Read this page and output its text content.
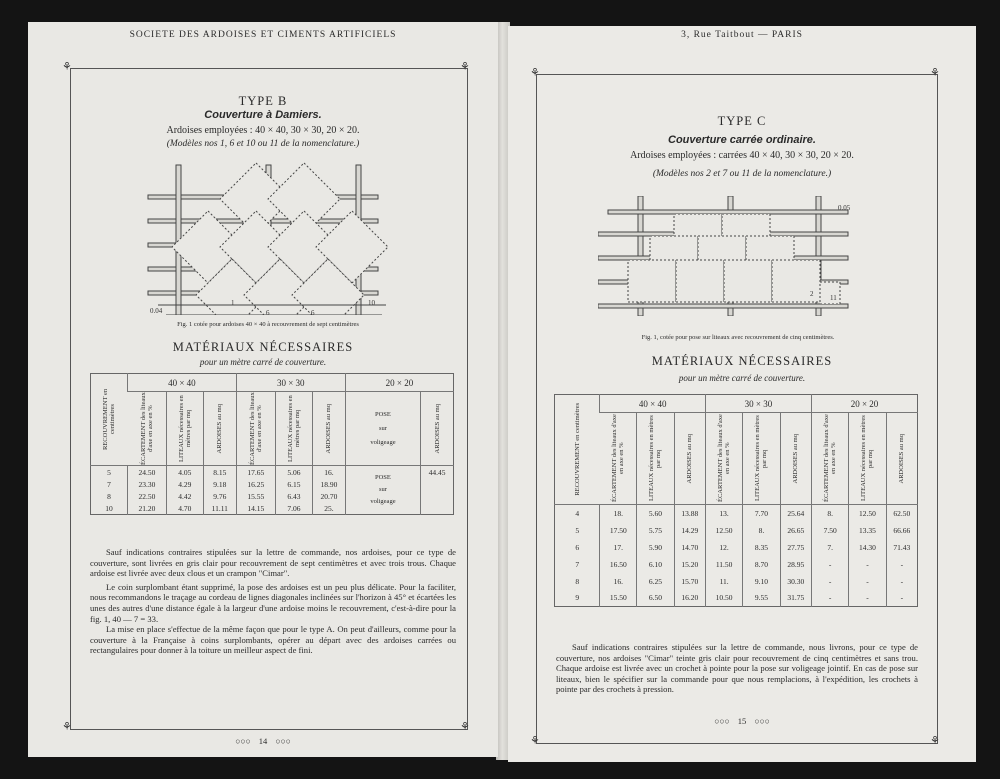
SOCIETE DES ARDOISES ET CIMENTS ARTIFICIELS
⚘	⚘
⚘	⚘
TYPE B
Couverture à Damiers.
Ardoises employées : 40 × 40, 30 × 30, 20 × 20.
(Modèles nos 1, 6 et 10 ou 11 de la nomenclature.)
1
6	6
10
0.04
Fig. 1 cotée pour ardoises 40 × 40 à recouvrement de sept centimètres
MATÉRIAUX NÉCESSAIRES
pour un mètre carré de couverture.
RECOUVREMENT en centimètres	40 × 40			30 × 30			20 × 20	

	ÉCARTEMENT des liteaux d'axe en axe en %	LITEAUX nécessaires en mètres par mq	ARDOISES au mq	ÉCARTEMENT des liteaux d'axe en axe en %	LITEAUX nécessaires en mètres par mq	ARDOISES au mq	POSE
sur
voligeage	ARDOISES au mq

5	24.50	4.05	8.15	17.65	5.06	16.	POSE
sur
voligeage	44.45
7	23.30	4.29	9.18	16.25	6.15	18.90		
8	22.50	4.42	9.76	15.55	6.43	20.70		
10	21.20	4.70	11.11	14.15	7.06	25.		

Sauf indications contraires stipulées sur la lettre de commande, nos ardoises, pour ce type de couverture, sont livrées en gris clair pour recouvrement de sept centimètres et avec trois trous. Chaque ardoise est livrée avec deux clous et un crampon "Cimar".

Le coin surplombant étant supprimé, la pose des ardoises est un peu plus délicate. Pour la faciliter, nous recommandons le traçage au cordeau de lignes diagonales inclinées sur l'horizon à 45° et écartées les unes des autres d'une distance égale à la largeur d'une ardoise moins le recouvrement, c'est-à-dire pour la fig. 1, 40 — 7 = 33.

La mise en place s'effectue de la même façon que pour le type A. On peut d'ailleurs, comme pour la couverture à la Française à coins surplombants, opérer au départ avec des ardoises carrées ou rectangulaires pour donner à la toiture un meilleur aspect de fini.

○○○ 14 ○○○
3, Rue Taitbout — PARIS
⚘	⚘
⚘	⚘
TYPE C
Couverture carrée ordinaire.
Ardoises employées : carrées 40 × 40, 30 × 30, 20 × 20.
(Modèles nos 2 et 7 ou 11 de la nomenclature.)
2 11
0.05
Fig. 1, cotée pour pose sur liteaux avec recouvrement de cinq centimètres.
MATÉRIAUX NÉCESSAIRES
pour un mètre carré de couverture.
RECOUVREMENT en centimètres	40 × 40			30 × 30			20 × 20		

	ÉCARTEMENT des liteaux d'axe en axe en %	LITEAUX nécessaires en mètres par mq	ARDOISES au mq	ÉCARTEMENT des liteaux d'axe en axe en %	LITEAUX nécessaires en mètres par mq	ARDOISES au mq	ÉCARTEMENT des liteaux d'axe en axe en %	LITEAUX nécessaires en mètres par mq	ARDOISES au mq

4	18.	5.60	13.88	13.	7.70	25.64	8.	12.50	62.50
5	17.50	5.75	14.29	12.50	8.	26.65	7.50	13.35	66.66
6	17.	5.90	14.70	12.	8.35	27.75	7.	14.30	71.43
7	16.50	6.10	15.20	11.50	8.70	28.95	-	-	-
8	16.	6.25	15.70	11.	9.10	30.30	-	-	-
9	15.50	6.50	16.20	10.50	9.55	31.75	-	-	-

Sauf indications contraires stipulées sur la lettre de commande, nous livrons, pour ce type de couverture, nos ardoises "Cimar" teinte gris clair pour recouvrement de cinq centimètres et sans trou. Chaque ardoise est livrée avec un crochet à pointe pour la pose sur voligeage jointif. En cas de pose sur liteaux, bien le spécifier sur la commande pour que nous remplacions, à l'expédition, les crochets à pointe par des crochets à pression.

○○○ 15 ○○○
